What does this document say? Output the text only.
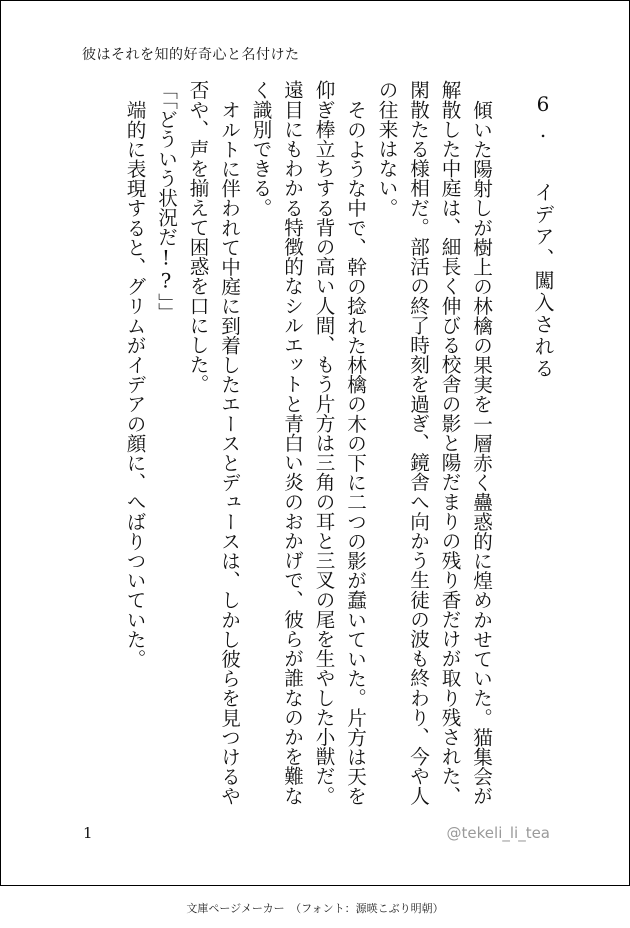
彼はそれを知的好奇心と名付けた
6.　イデア、闖入される

傾いた陽射しが樹上の林檎の果実を一層赤く蠱惑的に煌めかせていた。猫集会が解散した中庭は、細長く伸びる校舎の影と陽だまりの残り香だけが取り残された、閑散たる様相だ。部活の終了時刻を過ぎ、鏡舎へ向かう生徒の波も終わり、今や人の往来はない。

そのような中で、幹の捻れた林檎の木の下に二つの影が蠢いていた。片方は天を仰ぎ棒立ちする背の高い人間、もう片方は三角の耳と三叉の尾を生やした小獣だ。遠目にもわかる特徴的なシルエットと青白い炎のおかげで、彼らが誰なのかを難なく識別できる。

オルトに伴われて中庭に到着したエースとデュースは、しかし彼らを見つけるや否や、声を揃えて困惑を口にした。

「「どういう状況だ!?」」

端的に表現すると、グリムがイデアの顔に、へばりついていた。

1	@tekeli_li_tea
文庫ページメーカー　（フォント：源暎こぶり明朝）
